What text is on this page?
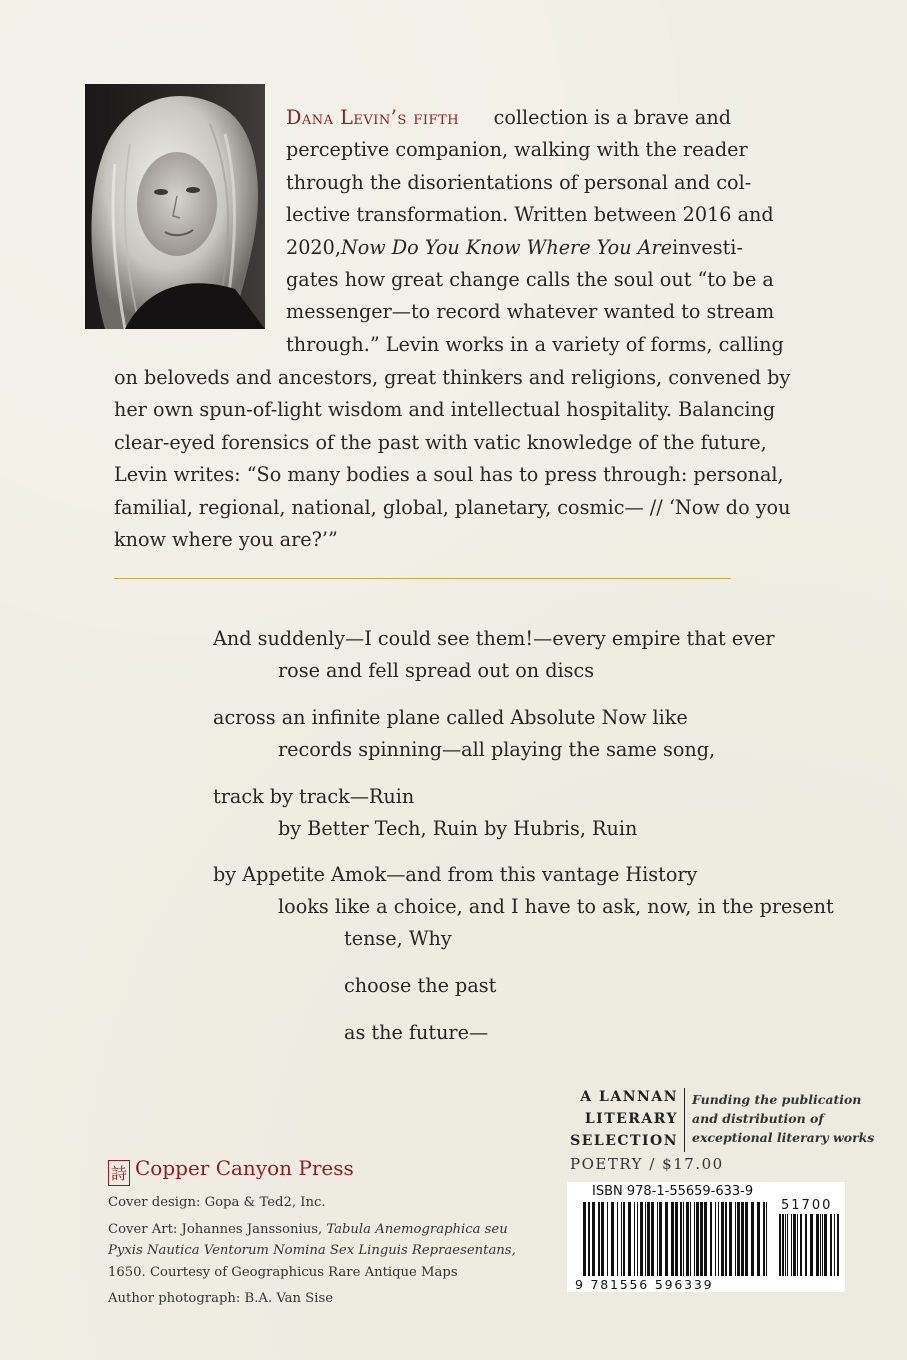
Dana Levin’s fifth collection is a brave and
perceptive companion, walking with the reader
through the disorientations of personal and col-
lective transformation. Written between 2016 and
2020, Now Do You Know Where You Are investi-
gates how great change calls the soul out “to be a
messenger—to record whatever wanted to stream
through.” Levin works in a variety of forms, calling
on beloveds and ancestors, great thinkers and religions, convened by
her own spun-of-light wisdom and intellectual hospitality. Balancing
clear-eyed forensics of the past with vatic knowledge of the future,
Levin writes: “So many bodies a soul has to press through: personal,
familial, regional, national, global, planetary, cosmic— // ‘Now do you
know where you are?’”
And suddenly—I could see them!—every empire that ever
rose and fell spread out on discs
across an infinite plane called Absolute Now like
records spinning—all playing the same song,
track by track—Ruin
by Better Tech, Ruin by Hubris, Ruin
by Appetite Amok—and from this vantage History
looks like a choice, and I have to ask, now, in the present
tense, Why
choose the past
as the future—
A LANNAN
LITERARY
SELECTION
Funding the publication
and distribution of
exceptional literary works
POETRY / $17.00
9 781556 596339
51700
ISBN 978-1-55659-633-9
詩 Copper Canyon Press
Cover design: Gopa & Ted2, Inc.
Cover Art: Johannes Janssonius, Tabula Anemographica seu
Pyxis Nautica Ventorum Nomina Sex Linguis Repraesentans,
1650. Courtesy of Geographicus Rare Antique Maps
Author photograph: B.A. Van Sise
